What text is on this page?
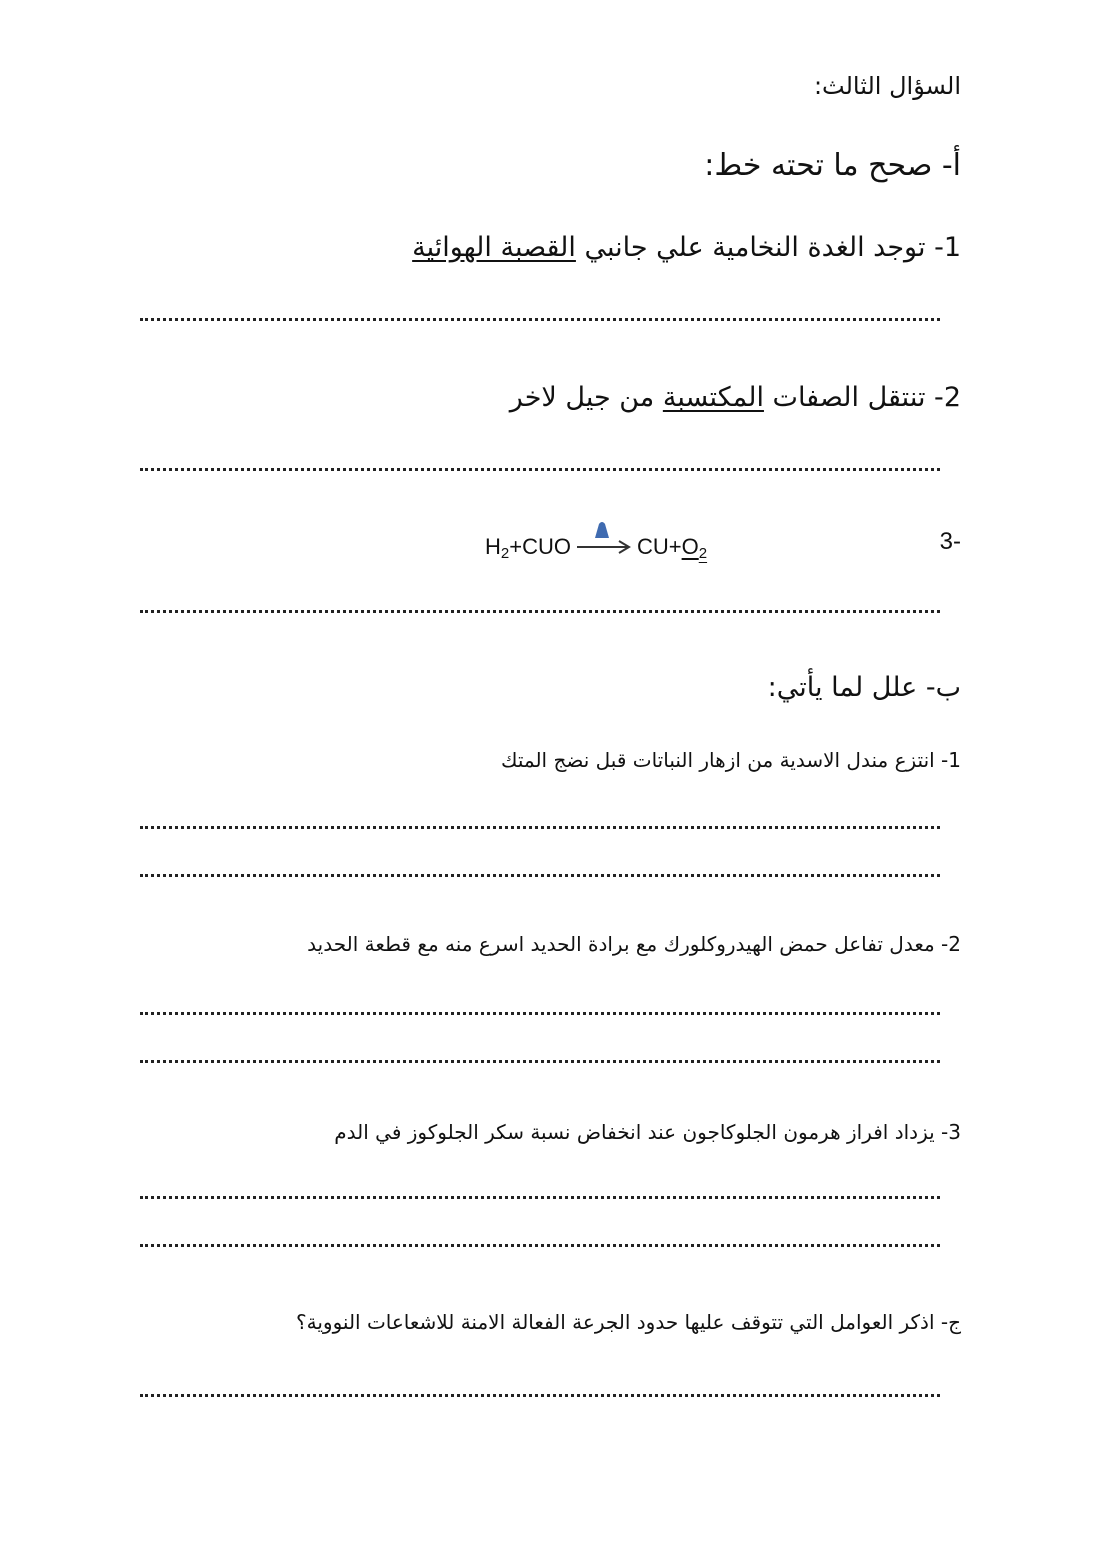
السؤال الثالث:
أ- صحح ما تحته خط:
1- توجد الغدة النخامية علي جانبي القصبة الهوائية
2- تنتقل الصفات المكتسبة من جيل لاخر
-3
H 2 +CUO	CU+ O 2
ب- علل لما يأتي:
1- انتزع مندل الاسدية من ازهار النباتات قبل نضج المتك
2- معدل تفاعل حمض الهيدروكلورك مع برادة الحديد اسرع منه مع قطعة الحديد
3- يزداد افراز هرمون الجلوكاجون عند انخفاض نسبة سكر الجلوكوز في الدم
ج- اذكر العوامل التي تتوقف عليها حدود الجرعة الفعالة الامنة للاشعاعات النووية؟
